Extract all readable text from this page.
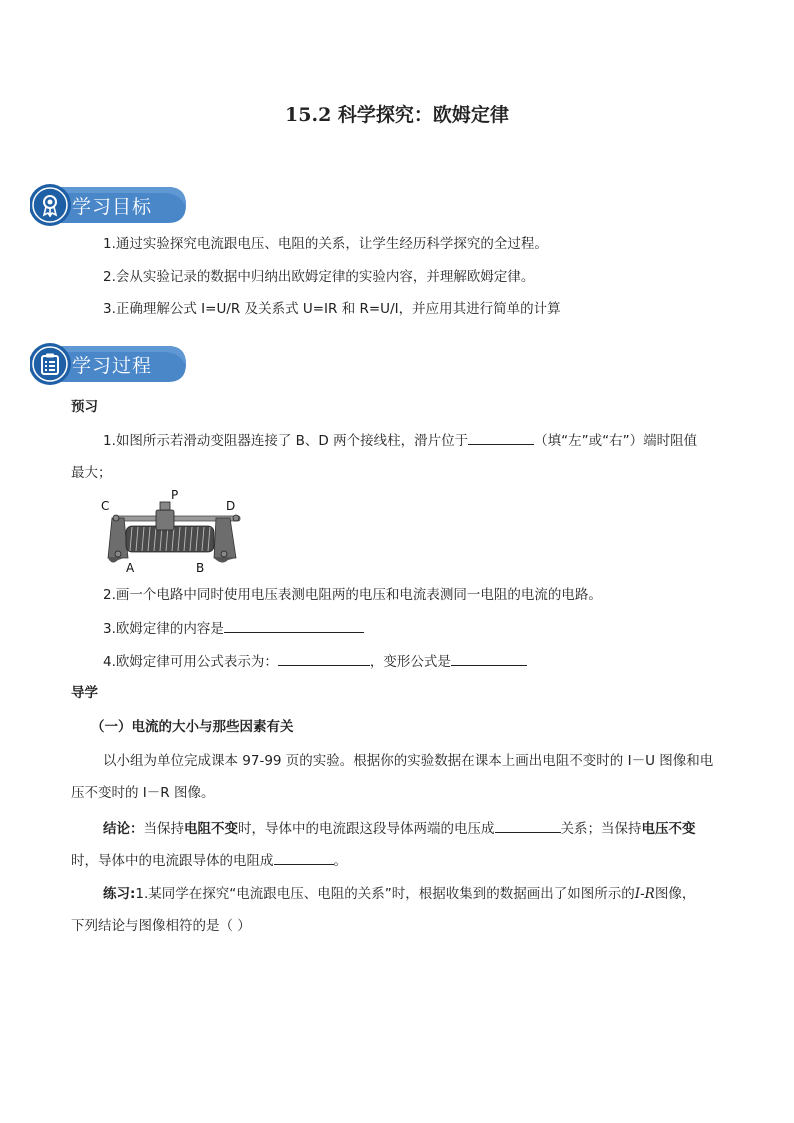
15.2 科学探究：欧姆定律
学习目标
1.通过实验探究电流跟电压、电阻的关系，让学生经历科学探究的全过程。
2.会从实验记录的数据中归纳出欧姆定律的实验内容，并理解欧姆定律。
3.正确理解公式 I=U/R 及关系式 U=IR 和 R=U/I，并应用其进行简单的计算
学习过程
预习
1.如图所示若滑动变阻器连接了 B、D 两个接线柱，滑片位于	（填“左”或“右”）端时阻值
最大；
C
P
D
A	B
2.画一个电路中同时使用电压表测电阻两的电压和电流表测同一电阻的电流的电路。
3.欧姆定律的内容是
4.欧姆定律可用公式表示为：	，变形公式是
导学
（一）电流的大小与那些因素有关
以小组为单位完成课本 97-99 页的实验。根据你的实验数据在课本上画出电阻不变时的 I－U 图像和电
压不变时的 I－R 图像。
结论：当保持电阻不变时，导体中的电流跟这段导体两端的电压成	关系；当保持电压不变
时，导体中的电流跟导体的电阻成	。
练习:1.某同学在探究“电流跟电压、电阻的关系”时，根据收集到的数据画出了如图所示的I-R图像，
下列结论与图像相符的是（ ）
